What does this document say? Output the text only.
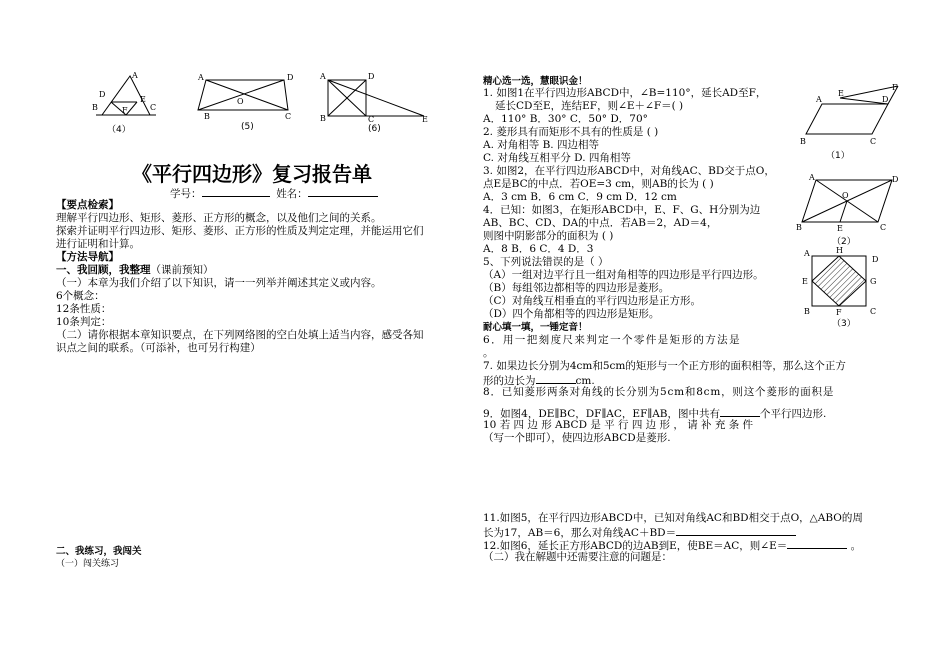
A
D
E
B	F	C
（4）
A	D
O
B	C
(5)
A	D
B	C	E
(6)
《平行四边形》复习报告单
学号：	姓名：
【要点检索】
理解平行四边形、矩形、菱形、正方形的概念，以及他们之间的关系。
探索并证明平行四边形、矩形、菱形、正方形的性质及判定定理，并能运用它们
进行证明和计算。
【方法导航】
一、我回顾，我整理（课前预知）
（一）本章为我们介绍了以下知识，请一一列举并阐述其定义或内容。
6个概念：
12条性质：
10条判定：
（二）请你根据本章知识要点，在下列网络图的空白处填上适当内容，感受各知
识点之间的联系。（可添补，也可另行构建）
二、我练习，我闯关
（一）闯关练习
精心选一选，慧眼识金！
1. 如图1在平行四边形ABCD中，∠B=110°，延长AD至F，
延长CD至E，连结EF，则∠E＋∠F＝( )
A．110° B．30° C．50° D．70°
2. 菱形具有而矩形不具有的性质是 ( )
A. 对角相等 B. 四边相等
C. 对角线互相平分 D. 四角相等
3. 如图2，在平行四边形ABCD中，对角线AC、BD交于点O，
点E是BC的中点．若OE=3 cm，则AB的长为 ( )
A．3 cm B．6 cm C．9 cm D．12 cm
4．已知：如图3，在矩形ABCD中，E、F、G、H分别为边
AB、BC、CD、DA的中点．若AB＝2，AD＝4，
则图中阴影部分的面积为 ( )
A．8 B．6 C．4 D．3
5、下列说法错误的是（ ）
（A）一组对边平行且一组对角相等的四边形是平行四边形。
（B）每组邻边都相等的四边形是菱形。
（C）对角线互相垂直的平行四边形是正方形。
（D）四个角都相等的四边形是矩形。
耐心填一填，一锤定音！
6．用一把刻度尺来判定一个零件是矩形的方法是
。
7. 如果边长分别为4cm和5cm的矩形与一个正方形的面积相等，那么这个正方
形的边长为	cm.
8．已知菱形两条对角线的长分别为5cm和8cm，则这个菱形的面积是
9．如图4，DE∥BC，DF∥AC，EF∥AB，图中共有	个平行四边形.
10 若 四 边 形 ABCD 是 平 行 四 边 形 ， 请 补 充 条 件
（写一个即可），使四边形ABCD是菱形.
11.如图5，在平行四边形ABCD中，已知对角线AC和BD相交于点O，△ABO的周
长为17，AB＝6，那么对角线AC＋BD＝
12.如图6，延长正方形ABCD的边AB到E，使BE＝AC，则∠E＝	。
（二）我在解题中还需要注意的问题是：
E
F
A	D
B	C
（1）
A	D
O
B	E	C
（2）
A	H
D
E	G
B	F	C
（3）
